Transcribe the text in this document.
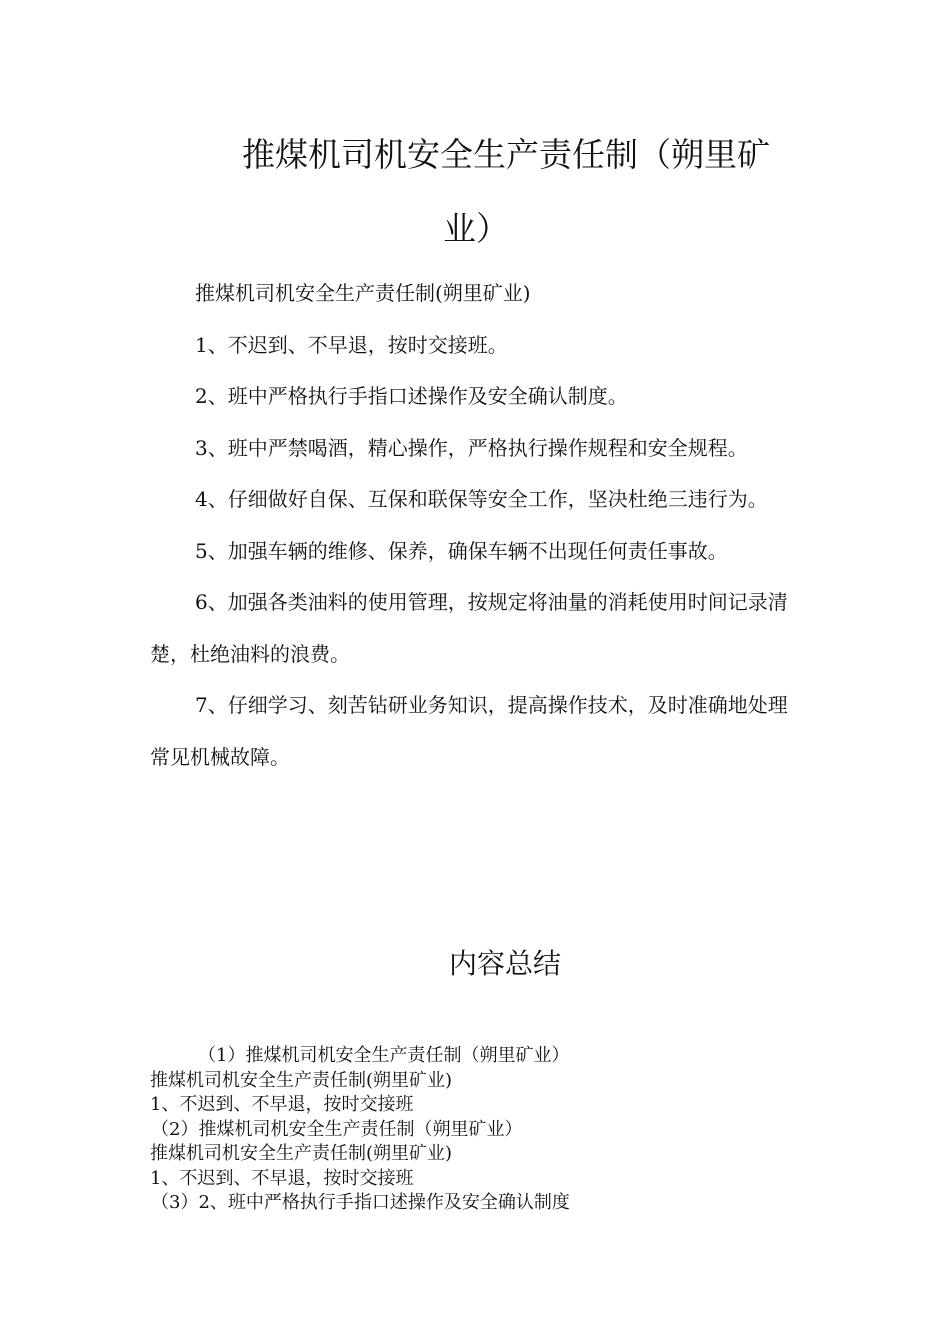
推煤机司机安全生产责任制（朔里矿
业）

推煤机司机安全生产责任制(朔里矿业)

1、不迟到、不早退，按时交接班。

2、班中严格执行手指口述操作及安全确认制度。

3、班中严禁喝酒，精心操作，严格执行操作规程和安全规程。

4、仔细做好自保、互保和联保等安全工作，坚决杜绝三违行为。

5、加强车辆的维修、保养，确保车辆不出现任何责任事故。

6、加强各类油料的使用管理，按规定将油量的消耗使用时间记录清楚，杜绝油料的浪费。

7、仔细学习、刻苦钻研业务知识，提高操作技术，及时准确地处理常见机械故障。

内容总结

（1）推煤机司机安全生产责任制（朔里矿业）

推煤机司机安全生产责任制(朔里矿业)

1、不迟到、不早退，按时交接班

（2）推煤机司机安全生产责任制（朔里矿业）

推煤机司机安全生产责任制(朔里矿业)

1、不迟到、不早退，按时交接班

（3）2、班中严格执行手指口述操作及安全确认制度
